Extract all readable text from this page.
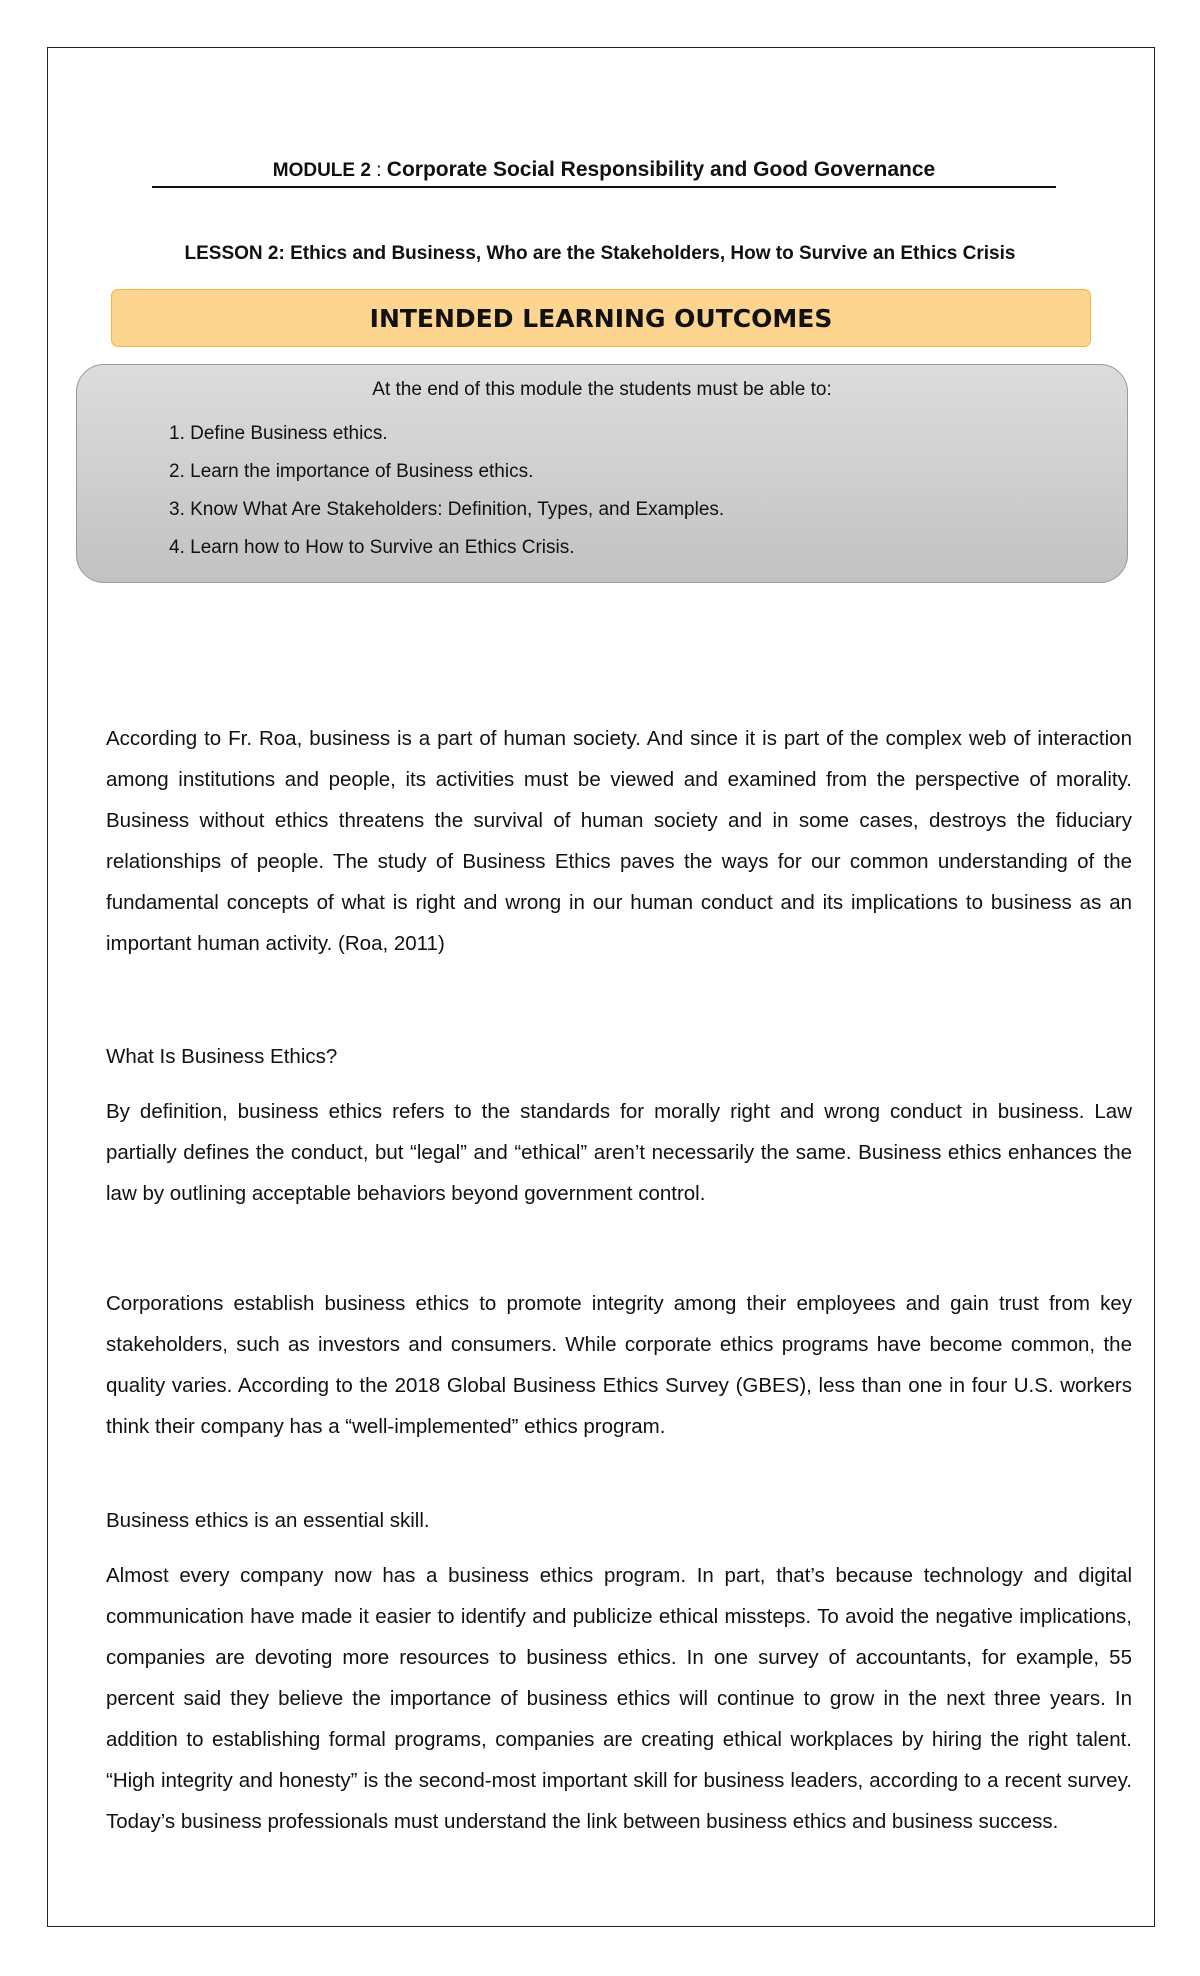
MODULE 2 : Corporate Social Responsibility and Good Governance
LESSON 2: Ethics and Business, Who are the Stakeholders, How to Survive an Ethics Crisis
INTENDED LEARNING OUTCOMES
At the end of this module the students must be able to:
1. Define Business ethics.
2. Learn the importance of Business ethics.
3. Know What Are Stakeholders: Definition, Types, and Examples.
4. Learn how to How to Survive an Ethics Crisis.

According to Fr. Roa, business is a part of human society. And since it is part of the complex web of interaction among institutions and people, its activities must be viewed and examined from the perspective of morality. Business without ethics threatens the survival of human society and in some cases, destroys the fiduciary relationships of people. The study of Business Ethics paves the ways for our common understanding of the fundamental concepts of what is right and wrong in our human conduct and its implications to business as an important human activity. (Roa, 2011)

What Is Business Ethics?

By definition, business ethics refers to the standards for morally right and wrong conduct in business. Law partially defines the conduct, but “legal” and “ethical” aren’t necessarily the same. Business ethics enhances the law by outlining acceptable behaviors beyond government control.

Corporations establish business ethics to promote integrity among their employees and gain trust from key stakeholders, such as investors and consumers. While corporate ethics programs have become common, the quality varies. According to the 2018 Global Business Ethics Survey (GBES), less than one in four U.S. workers think their company has a “well-implemented” ethics program.

Business ethics is an essential skill.

Almost every company now has a business ethics program. In part, that’s because technology and digital communication have made it easier to identify and publicize ethical missteps. To avoid the negative implications, companies are devoting more resources to business ethics. In one survey of accountants, for example, 55 percent said they believe the importance of business ethics will continue to grow in the next three years. In addition to establishing formal programs, companies are creating ethical workplaces by hiring the right talent. “High integrity and honesty” is the second-most important skill for business leaders, according to a recent survey. Today’s business professionals must understand the link between business ethics and business success.
